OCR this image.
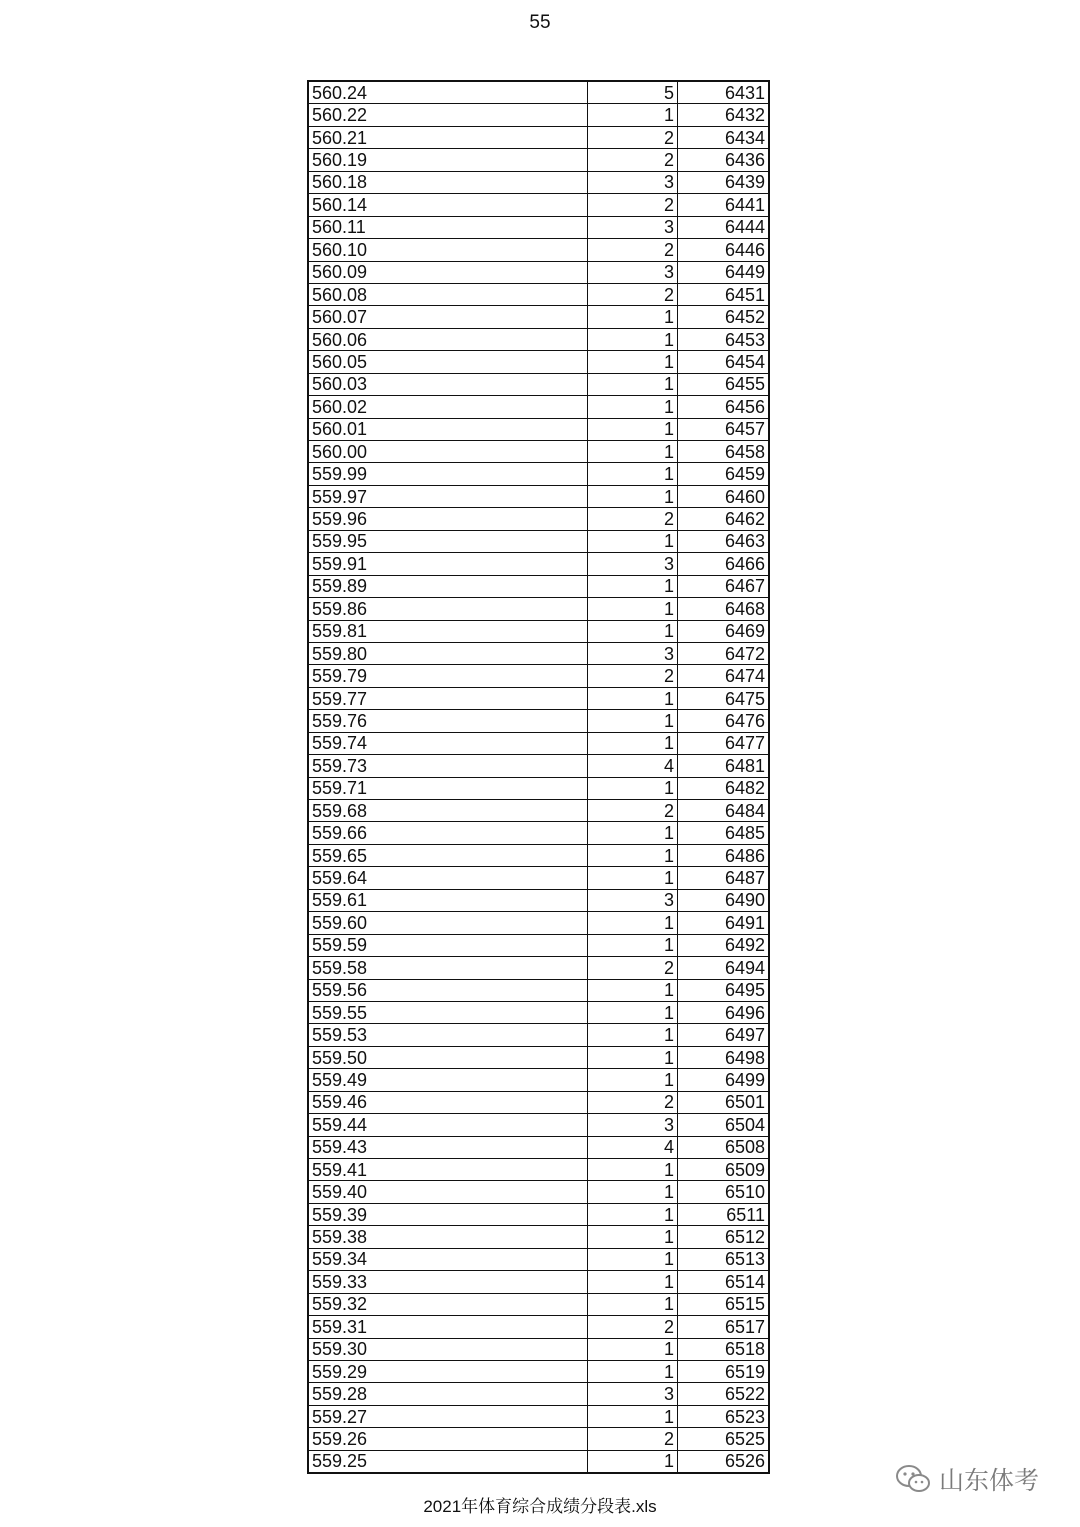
55
560.24	5	6431
560.22	1	6432
560.21	2	6434
560.19	2	6436
560.18	3	6439
560.14	2	6441
560.11	3	6444
560.10	2	6446
560.09	3	6449
560.08	2	6451
560.07	1	6452
560.06	1	6453
560.05	1	6454
560.03	1	6455
560.02	1	6456
560.01	1	6457
560.00	1	6458
559.99	1	6459
559.97	1	6460
559.96	2	6462
559.95	1	6463
559.91	3	6466
559.89	1	6467
559.86	1	6468
559.81	1	6469
559.80	3	6472
559.79	2	6474
559.77	1	6475
559.76	1	6476
559.74	1	6477
559.73	4	6481
559.71	1	6482
559.68	2	6484
559.66	1	6485
559.65	1	6486
559.64	1	6487
559.61	3	6490
559.60	1	6491
559.59	1	6492
559.58	2	6494
559.56	1	6495
559.55	1	6496
559.53	1	6497
559.50	1	6498
559.49	1	6499
559.46	2	6501
559.44	3	6504
559.43	4	6508
559.41	1	6509
559.40	1	6510
559.39	1	6511
559.38	1	6512
559.34	1	6513
559.33	1	6514
559.32	1	6515
559.31	2	6517
559.30	1	6518
559.29	1	6519
559.28	3	6522
559.27	1	6523
559.26	2	6525
559.25	1	6526
2021年体育综合成绩分段表.xls
山东体考
